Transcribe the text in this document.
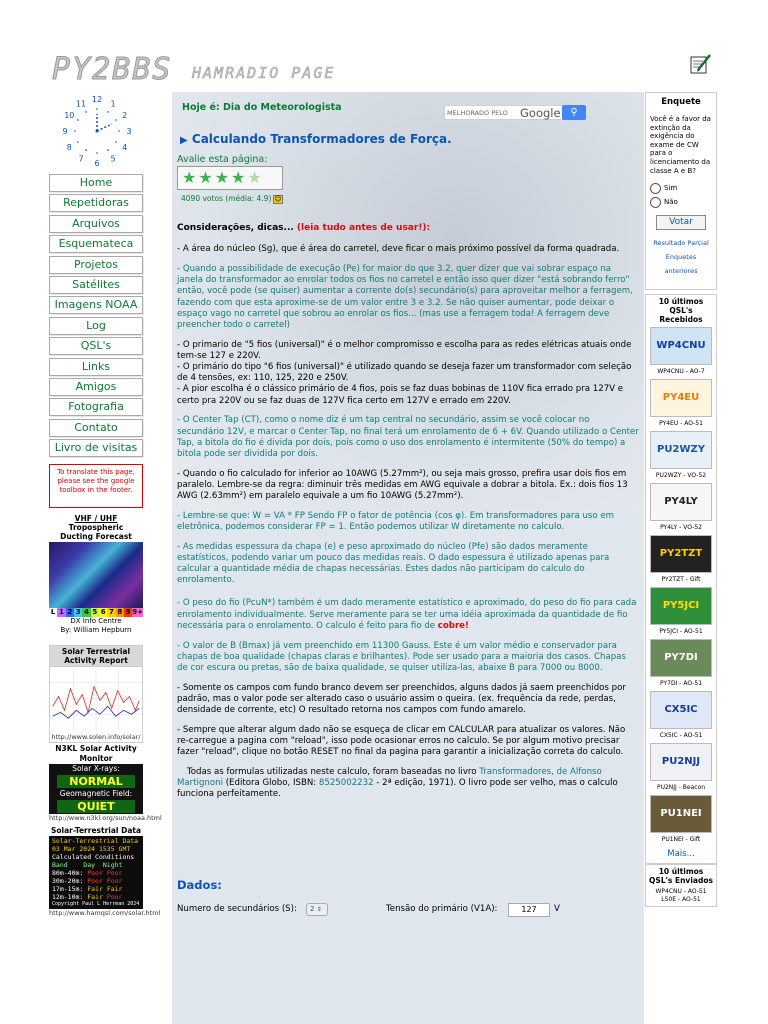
PY2BBS HAMRADIO PAGE
12 1
2
3
4
5
6
7
8
9
10
11
Home
Repetidoras
Arquivos
Esquemateca
Projetos
Satélites
Imagens NOAA
Log
QSL's
Links
Amigos
Fotografia
Contato
Livro de visitas
To translate this page, please see the google toolbox in the footer.
VHF / UHF
Tropospheric
Ducting Forecast
L 1 2 3 4 5 6 7 8 9 9+
DX Info Centre
By: William Hepburn
Solar Terrestrial
Activity Report
http://www.solen.info/solar/
N3KL Solar Activity Monitor
Solar X-rays:
NORMAL
Geomagnetic Field:
QUIET
http://www.n3kl.org/sun/noaa.html
Solar-Terrestrial Data
Solar-Terrestrial Data
03 Mar 2024 1535 GMT
Calculated Conditions
Band    Day  Night
80m-40m: Poor Poor
30m-20m: Poor Poor
17m-15m: Fair Fair
12m-10m: Fair Poor
Copyright Paul L Herrman 2024
http://www.hamqsl.com/solar.html
Hoje é: Dia do Meteorologista	MELHORADO PELO Google ⚲
▶ Calculando Transformadores de Força.
Avalie esta página:
★★★★★
4090 votos (média: 4.9) ☺

Considerações, dicas... (leia tudo antes de usar!):

- A área do núcleo (Sg), que é área do carretel, deve ficar o mais próximo possível da forma quadrada.

- Quando a possibilidade de execução (Pe) for maior do que 3.2, quer dizer que vai sobrar espaço na janela do transformador ao enrolar todos os fios no carretel e então isso quer dizer "está sobrando ferro" então, você pode (se quiser) aumentar a corrente do(s) secundário(s) para aproveitar melhor a ferragem, fazendo com que esta aproxime-se de um valor entre 3 e 3.2. Se não quiser aumentar, pode deixar o espaço vago no carretel que sobrou ao enrolar os fios... (mas use a ferragem toda! A ferragem deve preencher todo o carretel)

- O primario de "5 fios (universal)" é o melhor compromisso e escolha para as redes elétricas atuais onde tem-se 127 e 220V.
- O primário do tipo "6 fios (universal)" é utilizado quando se deseja fazer um transformador com seleção de 4 tensões, ex: 110, 125, 220 e 250V.
- A pior escolha é o clássico primário de 4 fios, pois se faz duas bobinas de 110V fica errado pra 127V e certo pra 220V ou se faz duas de 127V fica certo em 127V e errado em 220V.

- O Center Tap (CT), como o nome diz é um tap central no secundário, assim se você colocar no secundário 12V, e marcar o Center Tap, no final terá um enrolamento de 6 + 6V. Quando utilizado o Center Tap, a bitola do fio é divida por dois, pois como o uso dos enrolamento é intermitente (50% do tempo) a bitola pode ser dividida por dois.

- Quando o fio calculado for inferior ao 10AWG (5.27mm²), ou seja mais grosso, prefira usar dois fios em paralelo. Lembre-se da regra: diminuir três medidas em AWG equivale a dobrar a bitola. Ex.: dois fios 13 AWG (2.63mm²) em paralelo equivale a um fio 10AWG (5.27mm²).

- Lembre-se que: W = VA * FP Sendo FP o fator de potência (cos φ). Em transformadores para uso em eletrônica, podemos considerar FP = 1. Então podemos utilizar W diretamente no calculo.

- As medidas espessura da chapa (e) e peso aproximado do núcleo (Pfe) são dados meramente estatísticos, podendo variar um pouco das medidas reais. O dado espessura é utilizado apenas para calcular a quantidade média de chapas necessárias. Estes dados não participam do calculo do enrolamento.

- O peso do fio (PcuN*) também é um dado meramente estatístico e aproximado, do peso do fio para cada enrolamento individualmente. Serve meramente para se ter uma idéia aproximada da quantidade de fio necessária para o enrolamento. O calculo é feito para fio de cobre!

- O valor de B (Bmax) já vem preenchido em 11300 Gauss. Este é um valor médio e conservador para chapas de boa qualidade (chapas claras e brilhantes). Pode ser usado para a maioria dos casos. Chapas de cor escura ou pretas, são de baixa qualidade, se quiser utiliza-las, abaixe B para 7000 ou 8000.

- Somente os campos com fundo branco devem ser preenchidos, alguns dados já saem preenchidos por padrão, mas o valor pode ser alterado caso o usuário assim o queira. (ex. frequência da rede, perdas, densidade de corrente, etc) O resultado retorna nos campos com fundo amarelo.

- Sempre que alterar algum dado não se esqueça de clicar em CALCULAR para atualizar os valores. Não re-carregue a pagina com "reload", isso pode ocasionar erros no calculo. Se por algum motivo precisar fazer "reload", clique no botão RESET no final da pagina para garantir a inicialização correta do calculo.

Todas as formulas utilizadas neste calculo, foram baseadas no livro Transformadores, de Alfonso Martignoni (Editora Globo, ISBN: 8525002232 - 2ª edição, 1971). O livro pode ser velho, mas o calculo funciona perfeitamente.

Dados:
Numero de secundários (S):	2 ⇕	Tensão do primário (V1A):	127	V
Enquete
Você é a favor da extinção da exigência do exame de CW para o licenciamento da classe A e B?
Sim
Não
Votar
Resultado Parcial
Enquetes anteriores
10 últimos
QSL's Recebidos
WP4CNU
WP4CNU - AO-7
PY4EU
PY4EU - AO-51
PU2WZY
PU2WZY - VO-52
PY4LY
PY4LY - VO-52
PY2TZT
PY2TZT - Gift
PY5JCI
PY5JCI - AO-51
PY7DI
PY7DI - AO-51
CX5IC
CX5IC - AO-51
PU2NJJ
PU2NJJ - Beacon
PU1NEI
PU1NEI - Gift
Mais...
10 últimos
QSL's Enviados
WP4CNU - AO-51
L50E - AO-51
